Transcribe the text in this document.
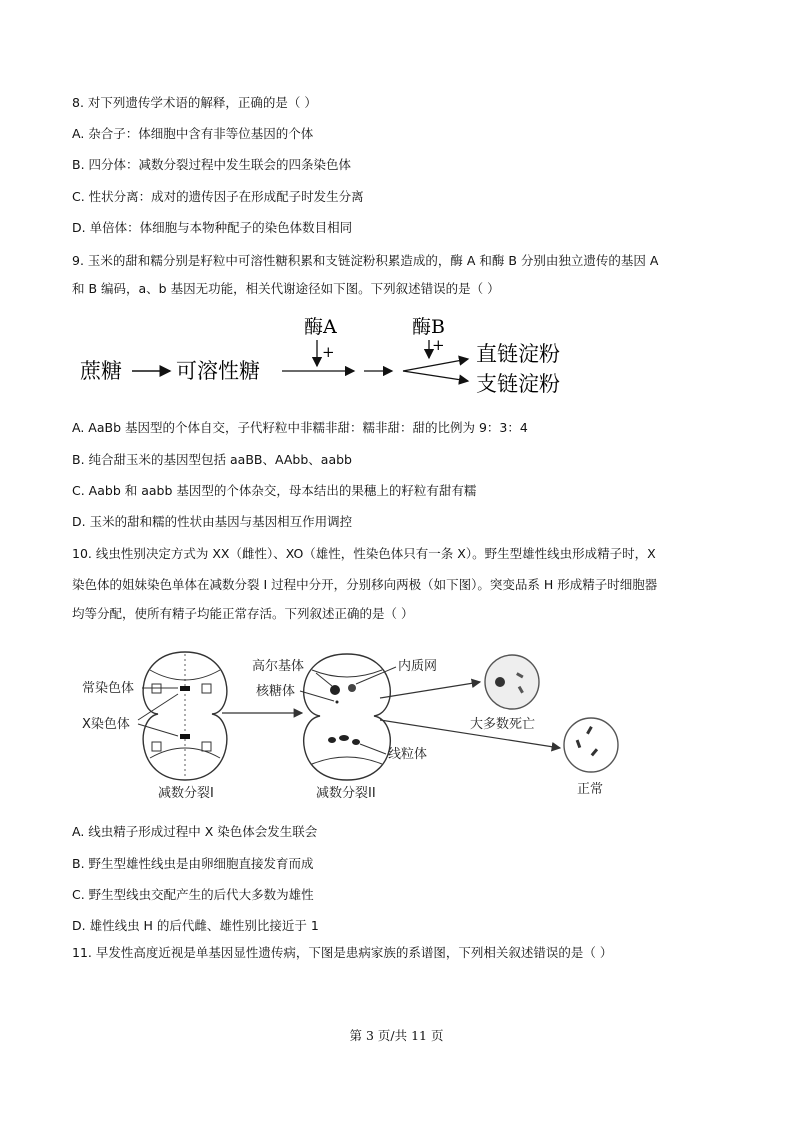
8. 对下列遗传学术语的解释，正确的是（ ）
A. 杂合子：体细胞中含有非等位基因的个体
B. 四分体：减数分裂过程中发生联会的四条染色体
C. 性状分离：成对的遗传因子在形成配子时发生分离
D. 单倍体：体细胞与本物种配子的染色体数目相同
9. 玉米的甜和糯分别是籽粒中可溶性糖积累和支链淀粉积累造成的，酶 A 和酶 B 分别由独立遗传的基因 A
和 B 编码，a、b 基因无功能，相关代谢途径如下图。下列叙述错误的是（ ）
蔗糖	可溶性糖
酶A
+
酶B
+ 直链淀粉
支链淀粉
A. AaBb 基因型的个体自交，子代籽粒中非糯非甜：糯非甜：甜的比例为 9：3：4
B. 纯合甜玉米的基因型包括 aaBB、AAbb、aabb
C. Aabb 和 aabb 基因型的个体杂交，母本结出的果穗上的籽粒有甜有糯
D. 玉米的甜和糯的性状由基因与基因相互作用调控
10. 线虫性别决定方式为 XX（雌性）、XO（雄性，性染色体只有一条 X）。野生型雄性线虫形成精子时，X
染色体的姐妹染色单体在减数分裂 I 过程中分开，分别移向两极（如下图）。突变品系 H 形成精子时细胞器
均等分配，使所有精子均能正常存活。下列叙述正确的是（ ）
常染色体
X染色体
减数分裂I
高尔基体
核糖体
内质网
线粒体
减数分裂II
大多数死亡
正常
A. 线虫精子形成过程中 X 染色体会发生联会
B. 野生型雄性线虫是由卵细胞直接发育而成
C. 野生型线虫交配产生的后代大多数为雄性
D. 雄性线虫 H 的后代雌、雄性别比接近于 1
11. 早发性高度近视是单基因显性遗传病，下图是患病家族的系谱图，下列相关叙述错误的是（ ）
第 3 页/共 11 页
